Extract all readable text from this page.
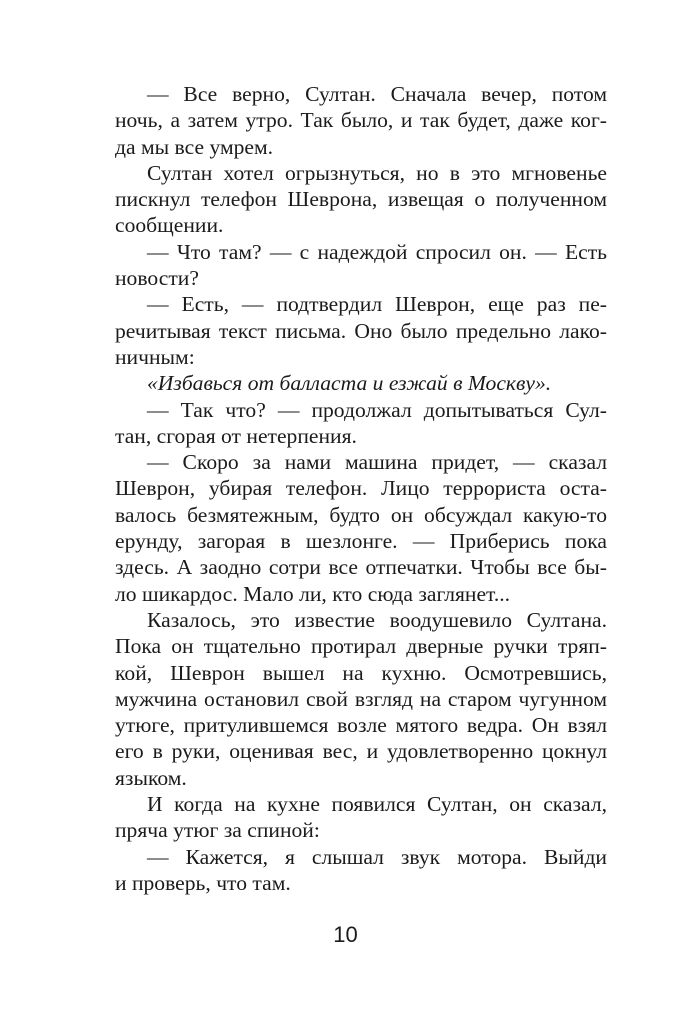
— Все верно, Султан. Сначала вечер, потом
ночь, а затем утро. Так было, и так будет, даже ког-
да мы все умрем.
Султан хотел огрызнуться, но в это мгновенье
пискнул телефон Шеврона, извещая о полученном
сообщении.
— Что там? — с надеждой спросил он. — Есть
новости?
— Есть, — подтвердил Шеврон, еще раз пе-
речитывая текст письма. Оно было предельно лако-
ничным:
«Избавься от балласта и езжай в Москву».
— Так что? — продолжал допытываться Сул-
тан, сгорая от нетерпения.
— Скоро за нами машина придет, — сказал
Шеврон, убирая телефон. Лицо террориста оста-
валось безмятежным, будто он обсуждал какую-то
ерунду, загорая в шезлонге. — Приберись пока
здесь. А заодно сотри все отпечатки. Чтобы все бы-
ло шикардос. Мало ли, кто сюда заглянет...
Казалось, это известие воодушевило Султана.
Пока он тщательно протирал дверные ручки тряп-
кой, Шеврон вышел на кухню. Осмотревшись,
мужчина остановил свой взгляд на старом чугунном
утюге, притулившемся возле мятого ведра. Он взял
его в руки, оценивая вес, и удовлетворенно цокнул
языком.
И когда на кухне появился Султан, он сказал,
пряча утюг за спиной:
— Кажется, я слышал звук мотора. Выйди
и проверь, что там.
10
